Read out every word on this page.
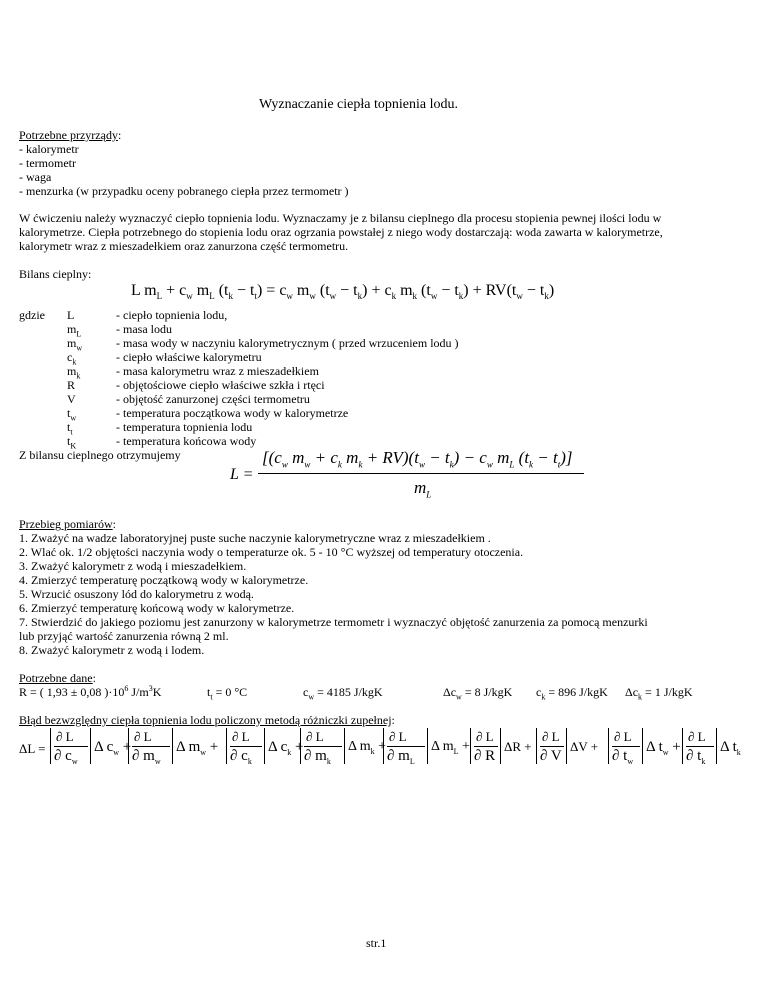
Wyznaczanie ciepła topnienia lodu.
Potrzebne przyrządy:
- kalorymetr
- termometr
- waga
- menzurka (w przypadku oceny pobranego ciepła przez termometr )
W ćwiczeniu należy wyznaczyć ciepło topnienia lodu. Wyznaczamy je z bilansu cieplnego dla procesu stopienia pewnej ilości lodu w
kalorymetrze. Ciepła potrzebnego do stopienia lodu oraz ogrzania powstałej z niego wody dostarczają: woda zawarta w kalorymetrze,
kalorymetr wraz z mieszadełkiem oraz zanurzona część termometru.
Bilans cieplny:
L $m_L + c_w$ $m_L$ $(t_k - t_t) = c_w$ $m_w$ $(t_w - t_k) + c_k$ $m_k$ $(t_w - t_k) + RV(t_w - t_k)$
gdzie L	- ciepło topnienia lodu,
$m_L$	- masa lodu
$m_w$	- masa wody w naczyniu kalorymetrycznym ( przed wrzuceniem lodu )
$c_k$	- ciepło właściwe kalorymetru
$m_k$	- masa kalorymetru wraz z mieszadełkiem
R	- objętościowe ciepło właściwe szkła i rtęci
V	- objętość zanurzonej części termometru
$t_w$	- temperatura początkowa wody w kalorymetrze
$t_t$	- temperatura topnienia lodu
$t_K$	- temperatura końcowa wody
Z bilansu cieplnego otrzymujemy
L =
[($c_w$ $m_w + c_k$ $m_k + RV)(t_w - t_k) - c_w$ $m_L$ $(t_k - t_t)$]
$m_L$
Przebieg pomiarów:
1. Zważyć na wadze laboratoryjnej puste suche naczynie kalorymetryczne wraz z mieszadełkiem .
2. Wlać ok. 1/2 objętości naczynia wody o temperaturze ok. 5 - 10 °C wyższej od temperatury otoczenia.
3. Zważyć kalorymetr z wodą i mieszadełkiem.
4. Zmierzyć temperaturę początkową wody w kalorymetrze.
5. Wrzucić osuszony lód do kalorymetru z wodą.
6. Zmierzyć temperaturę końcową wody w kalorymetrze.
7. Stwierdzić do jakiego poziomu jest zanurzony w kalorymetrze termometr i wyznaczyć objętość zanurzenia za pomocą menzurki
lub przyjąć wartość zanurzenia równą 2 ml.
8. Zważyć kalorymetr z wodą i lodem.
Potrzebne dane:
R = ( 1,93 ± 0,08 )$\cdot 10^6$ $J/m^3K$	$t_t = 0$ °C	$c_w = 4185$ J/kgK	$\Delta c_w = 8$ J/kgK $c_k = 896$ J/kgK $\Delta c_k = 1$ J/kgK
Błąd bezwzględny ciepła topnienia lodu policzony metodą różniczki zupełnej:
ΔL =
∂ L
∂ $c_w$
Δ $c_w$ +
∂ L
∂ $m_w$
Δ $m_w$ +
∂ L
∂ $c_k$
Δ $c_k$ +
∂ L
∂ $m_k$
Δ $m_k$ +
∂ L
∂ $m_L$
Δ $m_L$ +
∂ L
∂ R
ΔR +
∂ L
∂ V
ΔV +
∂ L
∂ $t_w$
Δ $t_w$ +
∂ L
∂ $t_k$
Δ $t_k$
str.1
